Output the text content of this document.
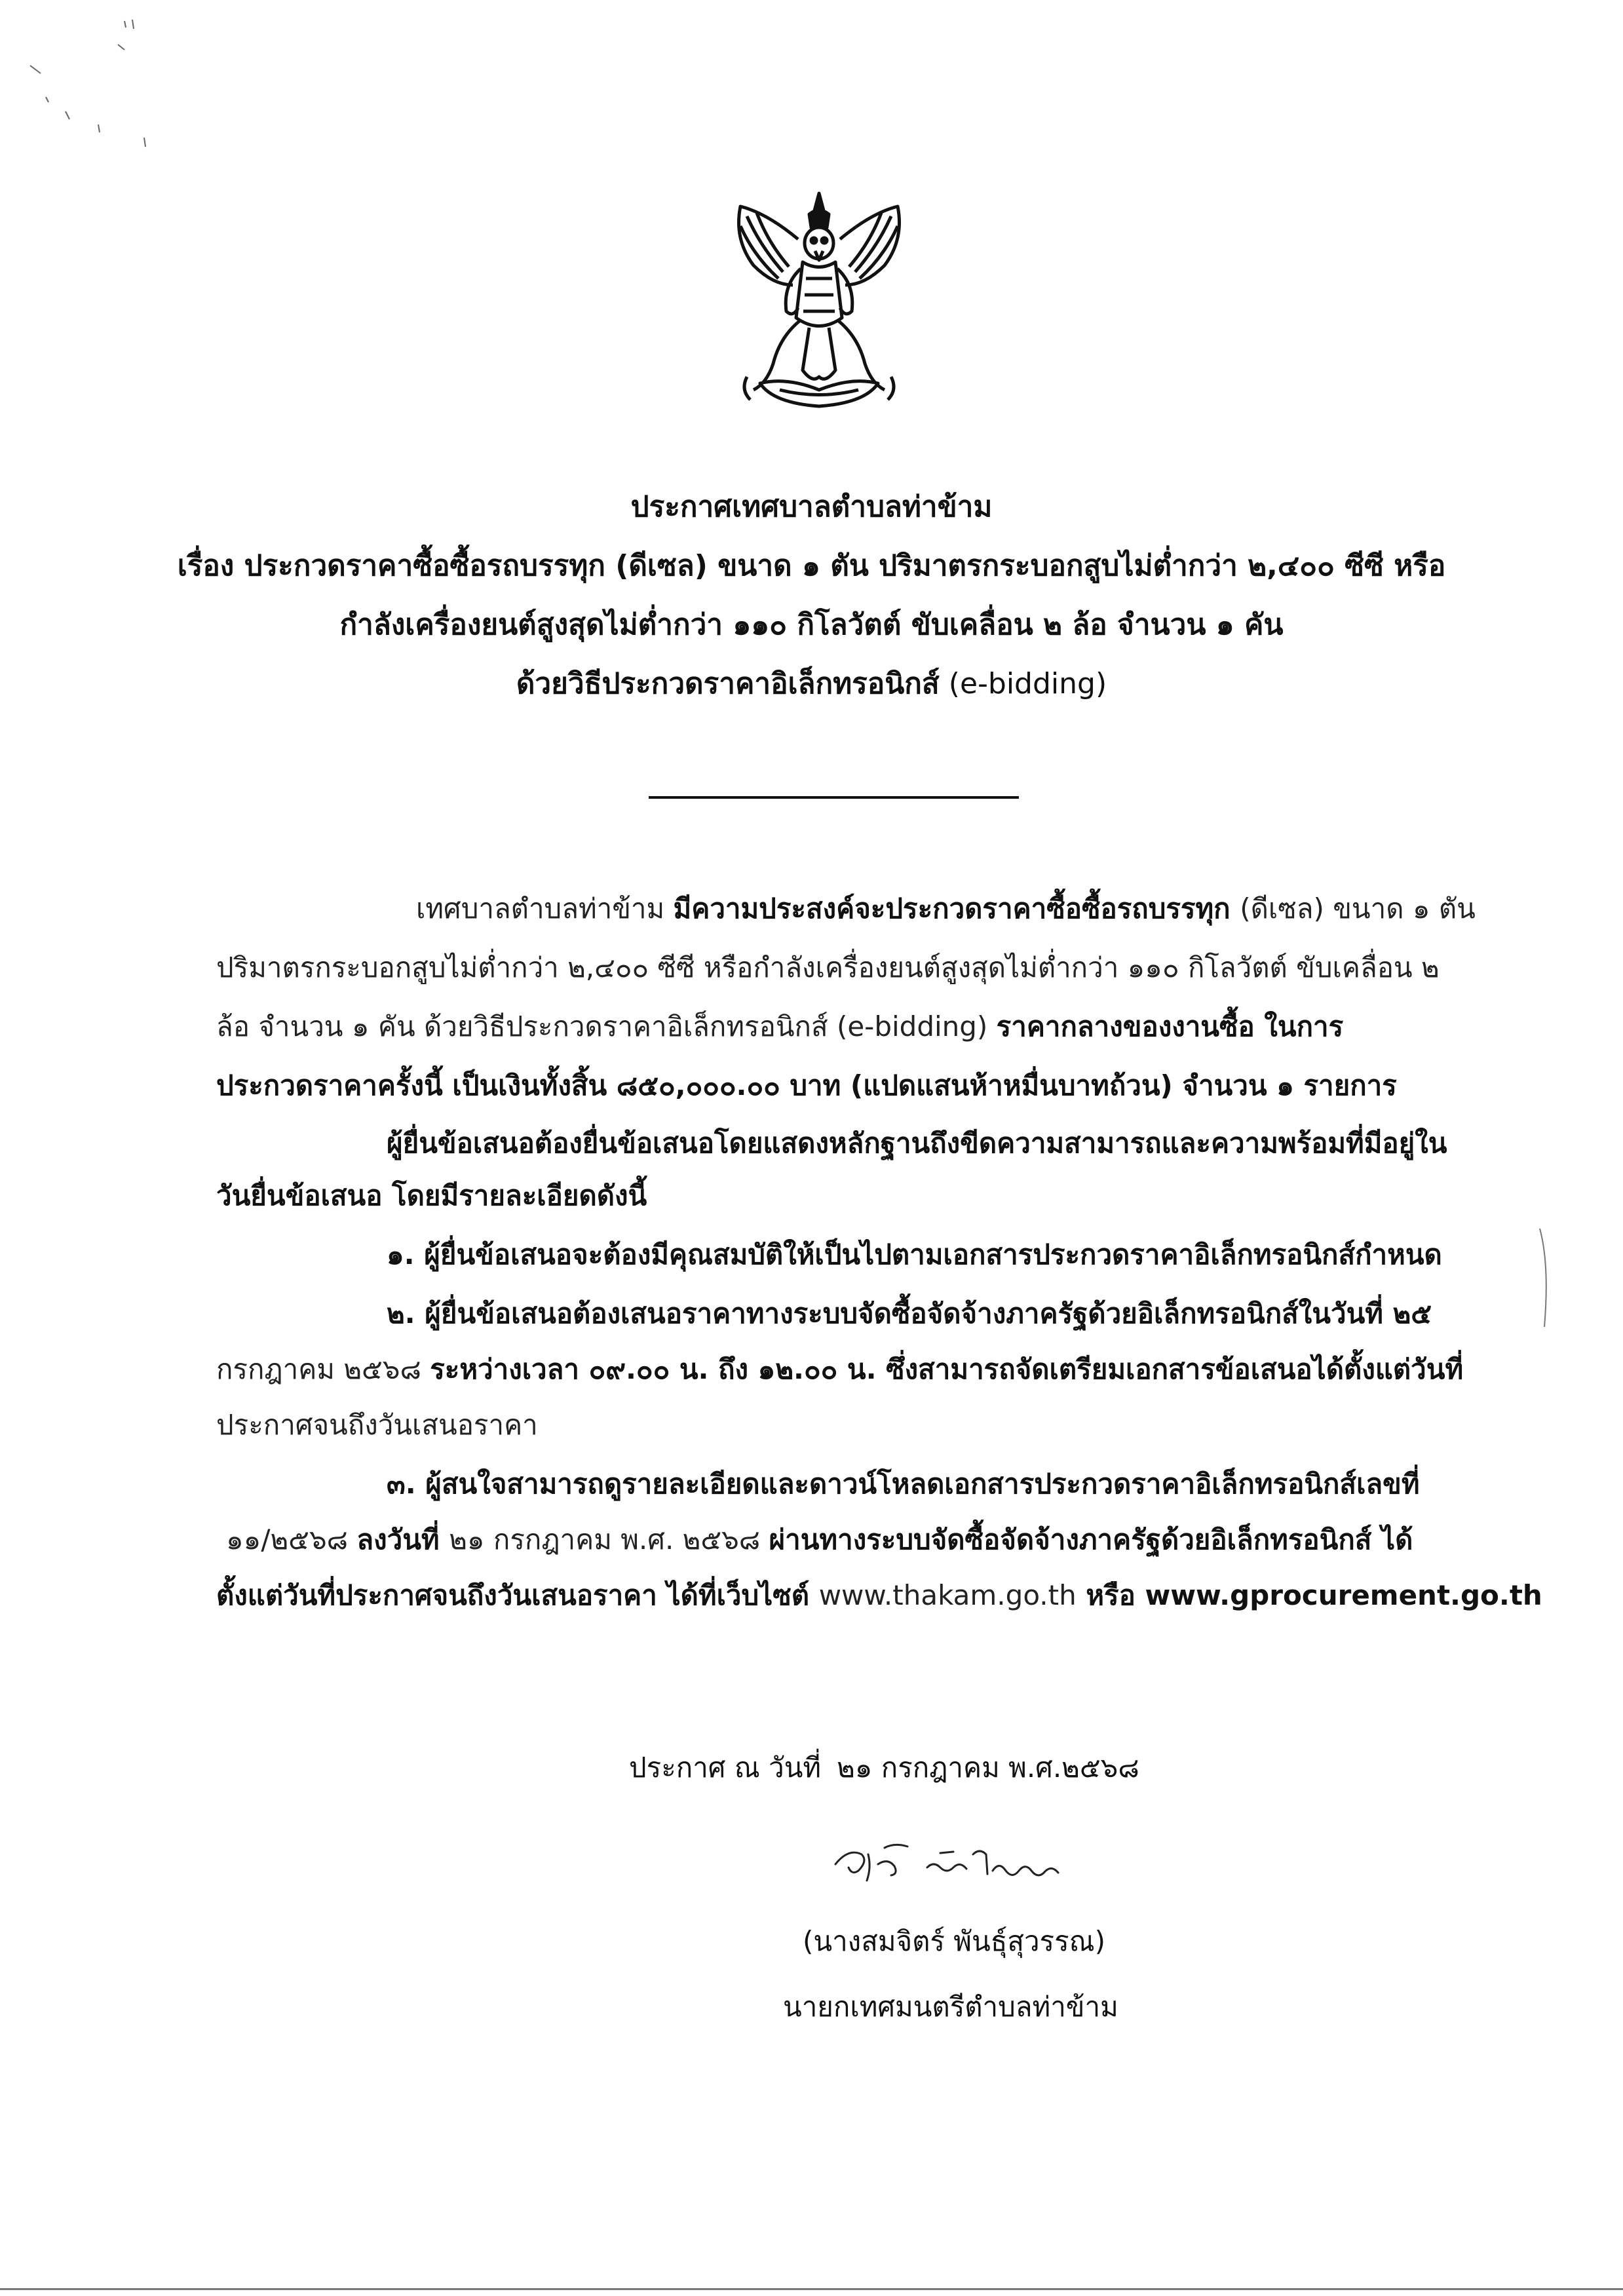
ประกาศเทศบาลตำบลท่าข้าม
เรื่อง ประกวดราคาซื้อซื้อรถบรรทุก (ดีเซล) ขนาด ๑ ตัน ปริมาตรกระบอกสูบไม่ต่ำกว่า ๒,๔๐๐ ซีซี หรือ
กำลังเครื่องยนต์สูงสุดไม่ต่ำกว่า ๑๑๐ กิโลวัตต์ ขับเคลื่อน ๒ ล้อ จำนวน ๑ คัน
ด้วยวิธีประกวดราคาอิเล็กทรอนิกส์ (e-bidding)
เทศบาลตำบลท่าข้าม มีความประสงค์จะประกวดราคาซื้อซื้อรถบรรทุก (ดีเซล) ขนาด ๑ ตัน
ปริมาตรกระบอกสูบไม่ต่ำกว่า ๒,๔๐๐ ซีซี หรือกำลังเครื่องยนต์สูงสุดไม่ต่ำกว่า ๑๑๐ กิโลวัตต์ ขับเคลื่อน ๒
ล้อ จำนวน ๑ คัน ด้วยวิธีประกวดราคาอิเล็กทรอนิกส์ (e-bidding) ราคากลางของงานซื้อ ในการ
ประกวดราคาครั้งนี้ เป็นเงินทั้งสิ้น ๘๕๐,๐๐๐.๐๐ บาท (แปดแสนห้าหมื่นบาทถ้วน) จำนวน ๑ รายการ
ผู้ยื่นข้อเสนอต้องยื่นข้อเสนอโดยแสดงหลักฐานถึงขีดความสามารถและความพร้อมที่มีอยู่ใน
วันยื่นข้อเสนอ โดยมีรายละเอียดดังนี้
๑. ผู้ยื่นข้อเสนอจะต้องมีคุณสมบัติให้เป็นไปตามเอกสารประกวดราคาอิเล็กทรอนิกส์กำหนด
๒. ผู้ยื่นข้อเสนอต้องเสนอราคาทางระบบจัดซื้อจัดจ้างภาครัฐด้วยอิเล็กทรอนิกส์ในวันที่ ๒๕
กรกฎาคม ๒๕๖๘ ระหว่างเวลา ๐๙.๐๐ น. ถึง ๑๒.๐๐ น. ซึ่งสามารถจัดเตรียมเอกสารข้อเสนอได้ตั้งแต่วันที่
ประกาศจนถึงวันเสนอราคา
๓. ผู้สนใจสามารถดูรายละเอียดและดาวน์โหลดเอกสารประกวดราคาอิเล็กทรอนิกส์เลขที่
๑๑/๒๕๖๘ ลงวันที่ ๒๑ กรกฎาคม พ.ศ. ๒๕๖๘ ผ่านทางระบบจัดซื้อจัดจ้างภาครัฐด้วยอิเล็กทรอนิกส์ ได้
ตั้งแต่วันที่ประกาศจนถึงวันเสนอราคา ได้ที่เว็บไซต์ www.thakam.go.th หรือ www.gprocurement.go.th
ประกาศ ณ วันที่ ๒๑ กรกฎาคม พ.ศ.๒๕๖๘
(นางสมจิตร์ พันธุ์สุวรรณ)
นายกเทศมนตรีตำบลท่าข้าม
